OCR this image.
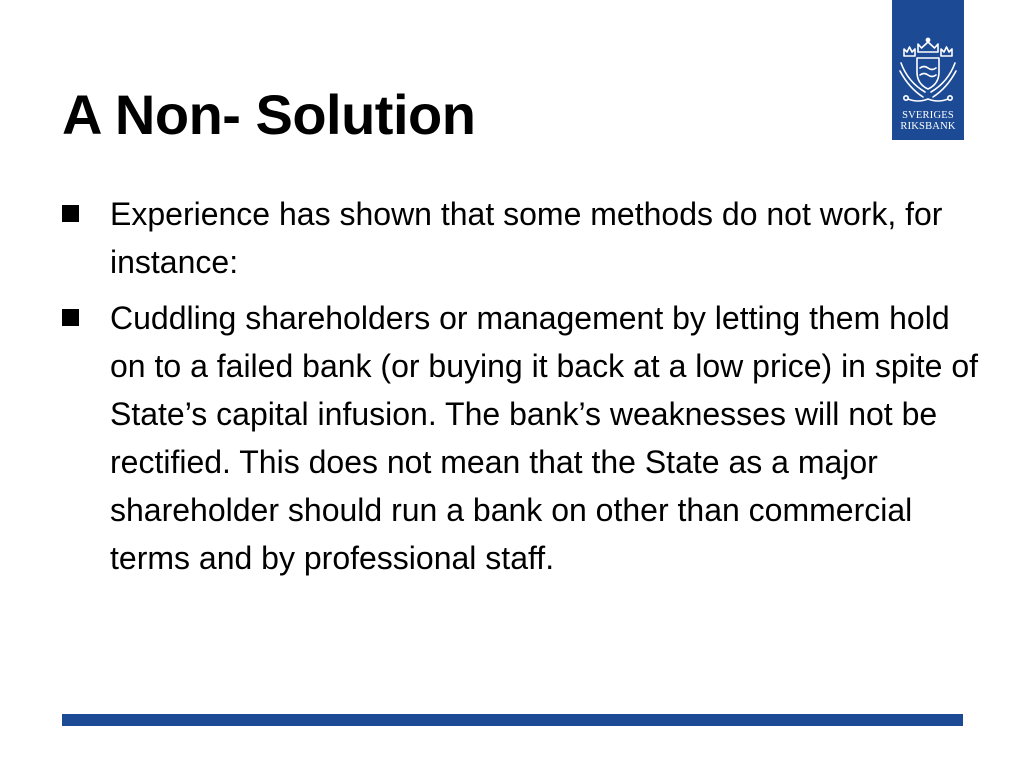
A Non- Solution	SVERIGES
RIKSBANK
Experience has shown that some methods do not work, for instance:
Cuddling shareholders or management by letting them hold on to a failed bank (or buying it back at a low price) in spite of State’s capital infusion. The bank’s weaknesses will not be rectified. This does not mean that the State as a major shareholder should run a bank on other than commercial terms and by professional staff.
